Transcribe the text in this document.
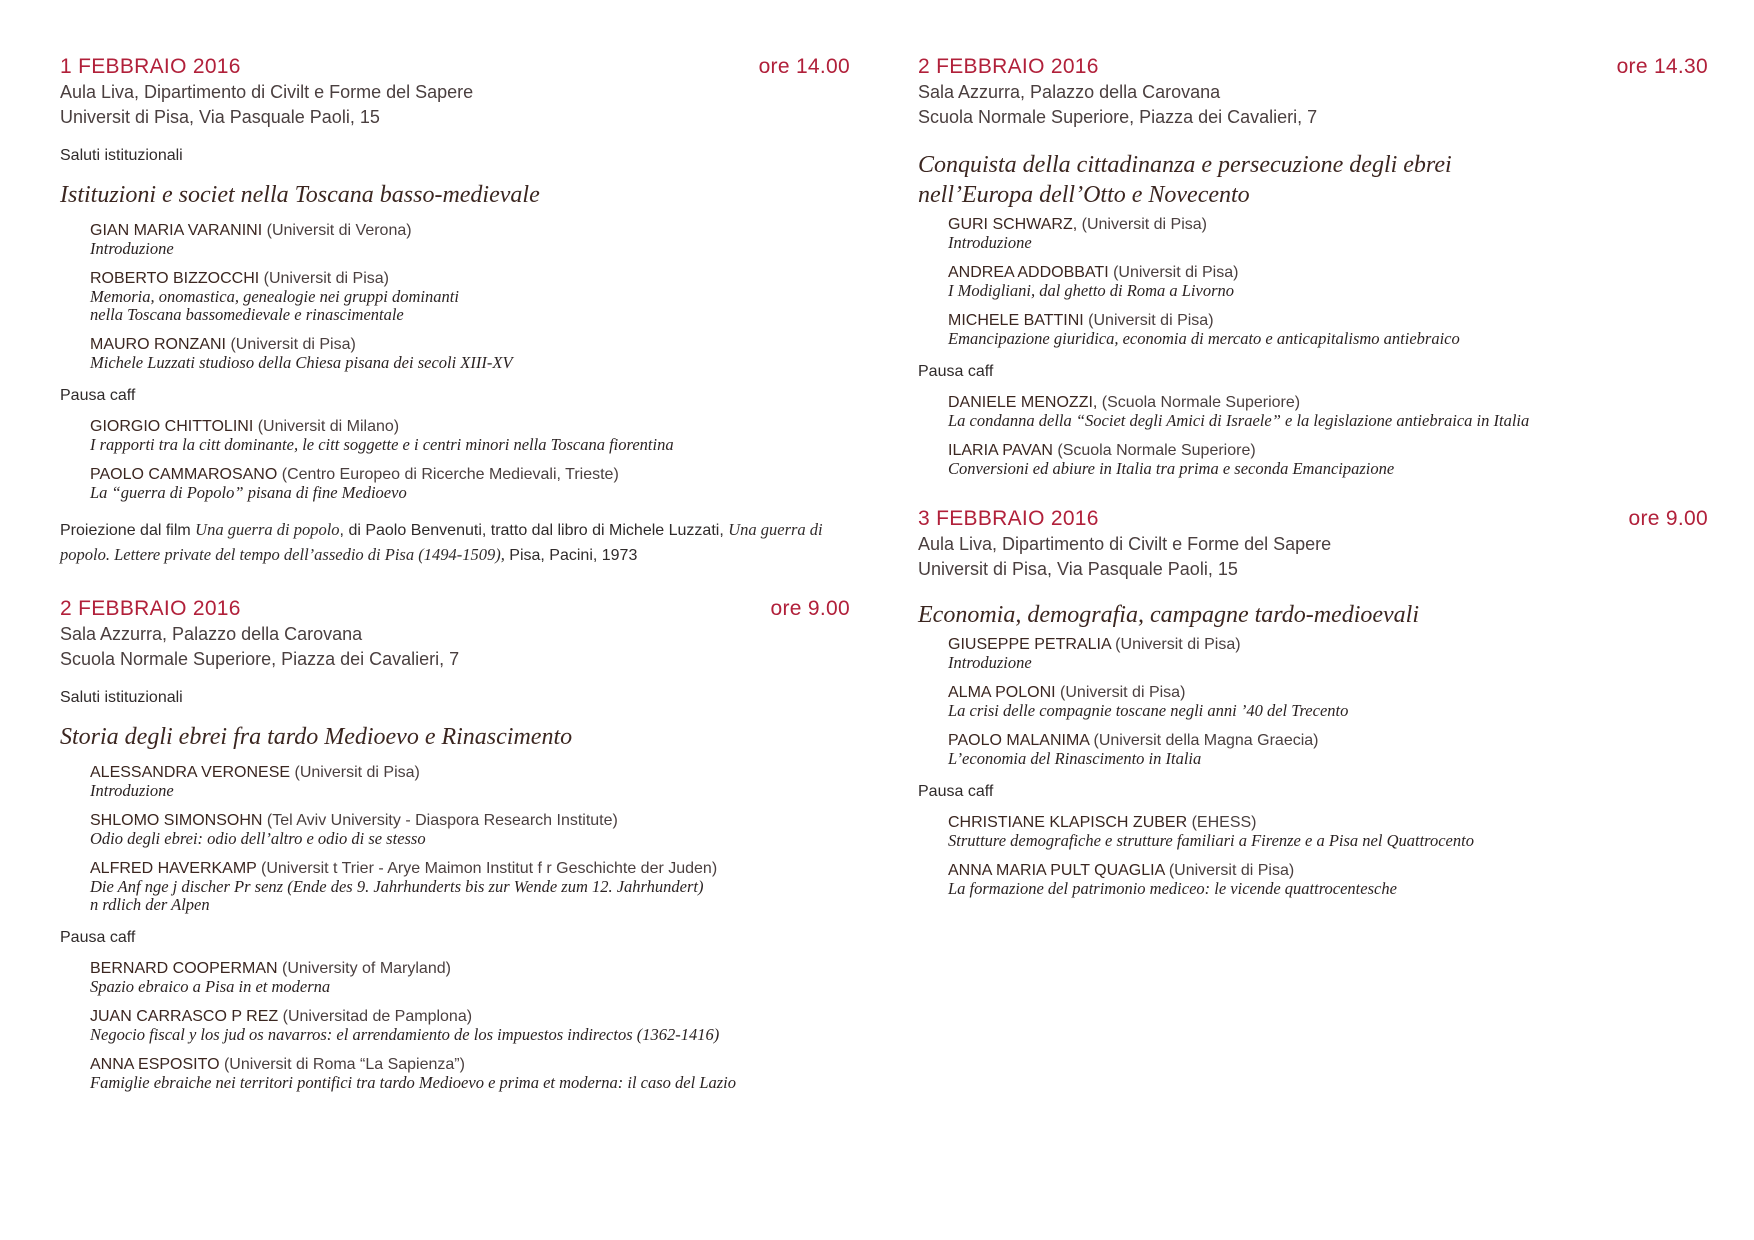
1 FEBBRAIO 2016	ore 14.00
Aula Liva, Dipartimento di Civilt e Forme del Sapere
Universit di Pisa, Via Pasquale Paoli, 15
Saluti istituzionali
Istituzioni e societ nella Toscana basso-medievale
GIAN MARIA VARANINI (Universit di Verona)
Introduzione
ROBERTO BIZZOCCHI (Universit di Pisa)
Memoria, onomastica, genealogie nei gruppi dominanti
nella Toscana bassomedievale e rinascimentale
MAURO RONZANI (Universit di Pisa)
Michele Luzzati studioso della Chiesa pisana dei secoli XIII-XV
Pausa caff
GIORGIO CHITTOLINI (Universit di Milano)
I rapporti tra la citt dominante, le citt soggette e i centri minori nella Toscana fiorentina
PAOLO CAMMAROSANO (Centro Europeo di Ricerche Medievali, Trieste)
La “guerra di Popolo” pisana di fine Medioevo
Proiezione dal film Una guerra di popolo, di Paolo Benvenuti, tratto dal libro di Michele Luzzati, Una guerra di popolo. Lettere private del tempo dell’assedio di Pisa (1494-1509), Pisa, Pacini, 1973
2 FEBBRAIO 2016	ore 9.00
Sala Azzurra, Palazzo della Carovana
Scuola Normale Superiore, Piazza dei Cavalieri, 7
Saluti istituzionali
Storia degli ebrei fra tardo Medioevo e Rinascimento
ALESSANDRA VERONESE (Universit di Pisa)
Introduzione
SHLOMO SIMONSOHN (Tel Aviv University - Diaspora Research Institute)
Odio degli ebrei: odio dell’altro e odio di se stesso
ALFRED HAVERKAMP (Universit t Trier - Arye Maimon Institut f r Geschichte der Juden)
Die Anf nge j discher Pr senz (Ende des 9. Jahrhunderts bis zur Wende zum 12. Jahrhundert)
n rdlich der Alpen
Pausa caff
BERNARD COOPERMAN (University of Maryland)
Spazio ebraico a Pisa in et moderna
JUAN CARRASCO P REZ (Universitad de Pamplona)
Negocio fiscal y los jud os navarros: el arrendamiento de los impuestos indirectos (1362-1416)
ANNA ESPOSITO (Universit di Roma “La Sapienza”)
Famiglie ebraiche nei territori pontifici tra tardo Medioevo e prima et moderna: il caso del Lazio
2 FEBBRAIO 2016	ore 14.30
Sala Azzurra, Palazzo della Carovana
Scuola Normale Superiore, Piazza dei Cavalieri, 7
Conquista della cittadinanza e persecuzione degli ebrei
nell’Europa dell’Otto e Novecento
GURI SCHWARZ, (Universit di Pisa)
Introduzione
ANDREA ADDOBBATI (Universit di Pisa)
I Modigliani, dal ghetto di Roma a Livorno
MICHELE BATTINI (Universit di Pisa)
Emancipazione giuridica, economia di mercato e anticapitalismo antiebraico
Pausa caff
DANIELE MENOZZI, (Scuola Normale Superiore)
La condanna della “Societ degli Amici di Israele” e la legislazione antiebraica in Italia
ILARIA PAVAN (Scuola Normale Superiore)
Conversioni ed abiure in Italia tra prima e seconda Emancipazione
3 FEBBRAIO 2016	ore 9.00
Aula Liva, Dipartimento di Civilt e Forme del Sapere
Universit di Pisa, Via Pasquale Paoli, 15
Economia, demografia, campagne tardo-medioevali
GIUSEPPE PETRALIA (Universit di Pisa)
Introduzione
ALMA POLONI (Universit di Pisa)
La crisi delle compagnie toscane negli anni ’40 del Trecento
PAOLO MALANIMA (Universit della Magna Graecia)
L’economia del Rinascimento in Italia
Pausa caff
CHRISTIANE KLAPISCH ZUBER (EHESS)
Strutture demografiche e strutture familiari a Firenze e a Pisa nel Quattrocento
ANNA MARIA PULT QUAGLIA (Universit di Pisa)
La formazione del patrimonio mediceo: le vicende quattrocentesche
